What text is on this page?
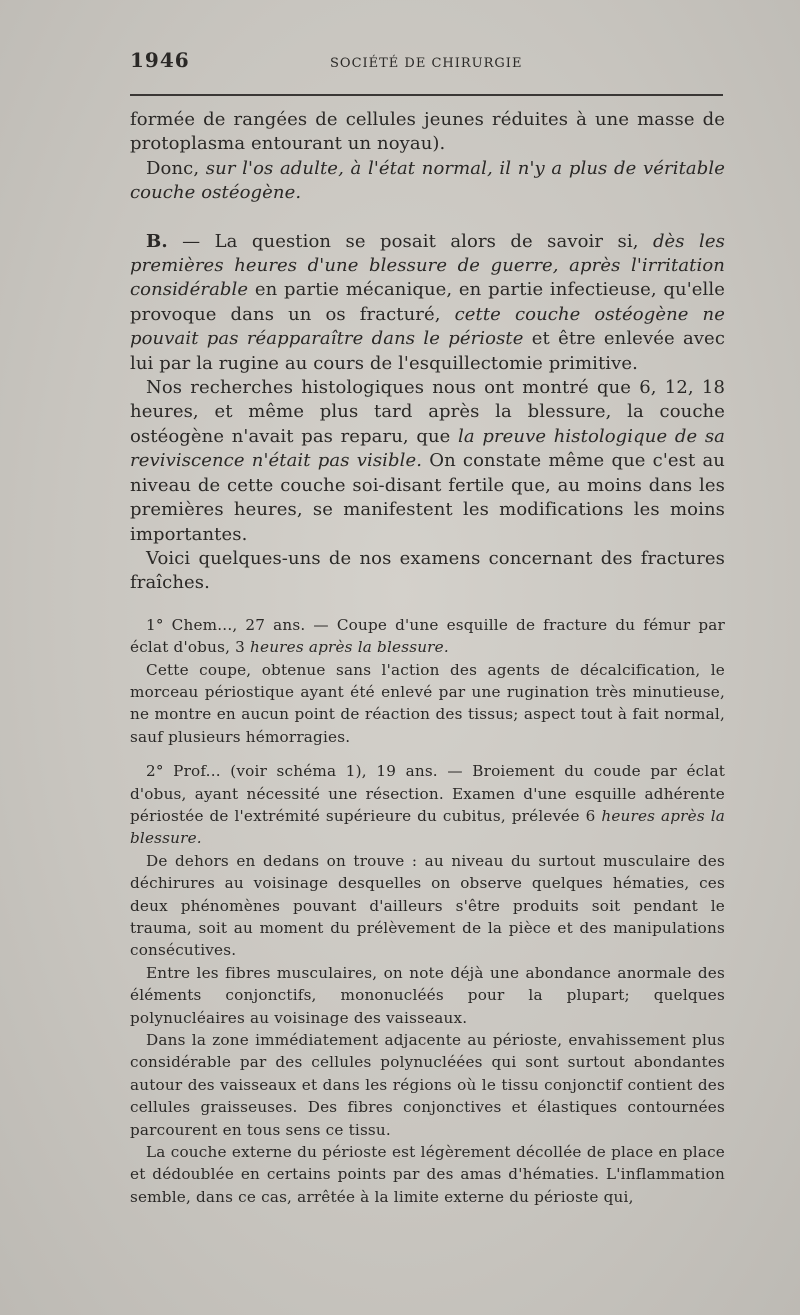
1946	SOCIÉTÉ DE CHIRURGIE

formée de rangées de cellules jeunes réduites à une masse de protoplasma entourant un noyau).

Donc, sur l'os adulte, à l'état normal, il n'y a plus de véritable couche ostéogène.

B. — La question se posait alors de savoir si, dès les premières heures d'une blessure de guerre, après l'irritation considérable en partie mécanique, en partie infectieuse, qu'elle provoque dans un os fracturé, cette couche ostéogène ne pouvait pas réapparaître dans le périoste et être enlevée avec lui par la rugine au cours de l'esquillectomie primitive.

Nos recherches histologiques nous ont montré que 6, 12, 18 heures, et même plus tard après la blessure, la couche ostéogène n'avait pas reparu, que la preuve histologique de sa reviviscence n'était pas visible. On constate même que c'est au niveau de cette couche soi-disant fertile que, au moins dans les premières heures, se manifestent les modifications les moins importantes.

Voici quelques-uns de nos examens concernant des fractures fraîches.

1° Chem..., 27 ans. — Coupe d'une esquille de fracture du fémur par éclat d'obus, 3 heures après la blessure.

Cette coupe, obtenue sans l'action des agents de décalcification, le morceau périostique ayant été enlevé par une rugination très minutieuse, ne montre en aucun point de réaction des tissus; aspect tout à fait normal, sauf plusieurs hémorragies.

2° Prof... (voir schéma 1), 19 ans. — Broiement du coude par éclat d'obus, ayant nécessité une résection. Examen d'une esquille adhérente périostée de l'extrémité supérieure du cubitus, prélevée 6 heures après la blessure.

De dehors en dedans on trouve : au niveau du surtout musculaire des déchirures au voisinage desquelles on observe quelques hématies, ces deux phénomènes pouvant d'ailleurs s'être produits soit pendant le trauma, soit au moment du prélèvement de la pièce et des manipulations consécutives.

Entre les fibres musculaires, on note déjà une abondance anormale des éléments conjonctifs, mononucléés pour la plupart; quelques polynucléaires au voisinage des vaisseaux.

Dans la zone immédiatement adjacente au périoste, envahissement plus considérable par des cellules polynucléées qui sont surtout abondantes autour des vaisseaux et dans les régions où le tissu conjonctif contient des cellules graisseuses. Des fibres conjonctives et élastiques contournées parcourent en tous sens ce tissu.

La couche externe du périoste est légèrement décollée de place en place et dédoublée en certains points par des amas d'hématies. L'inflammation semble, dans ce cas, arrêtée à la limite externe du périoste qui,
